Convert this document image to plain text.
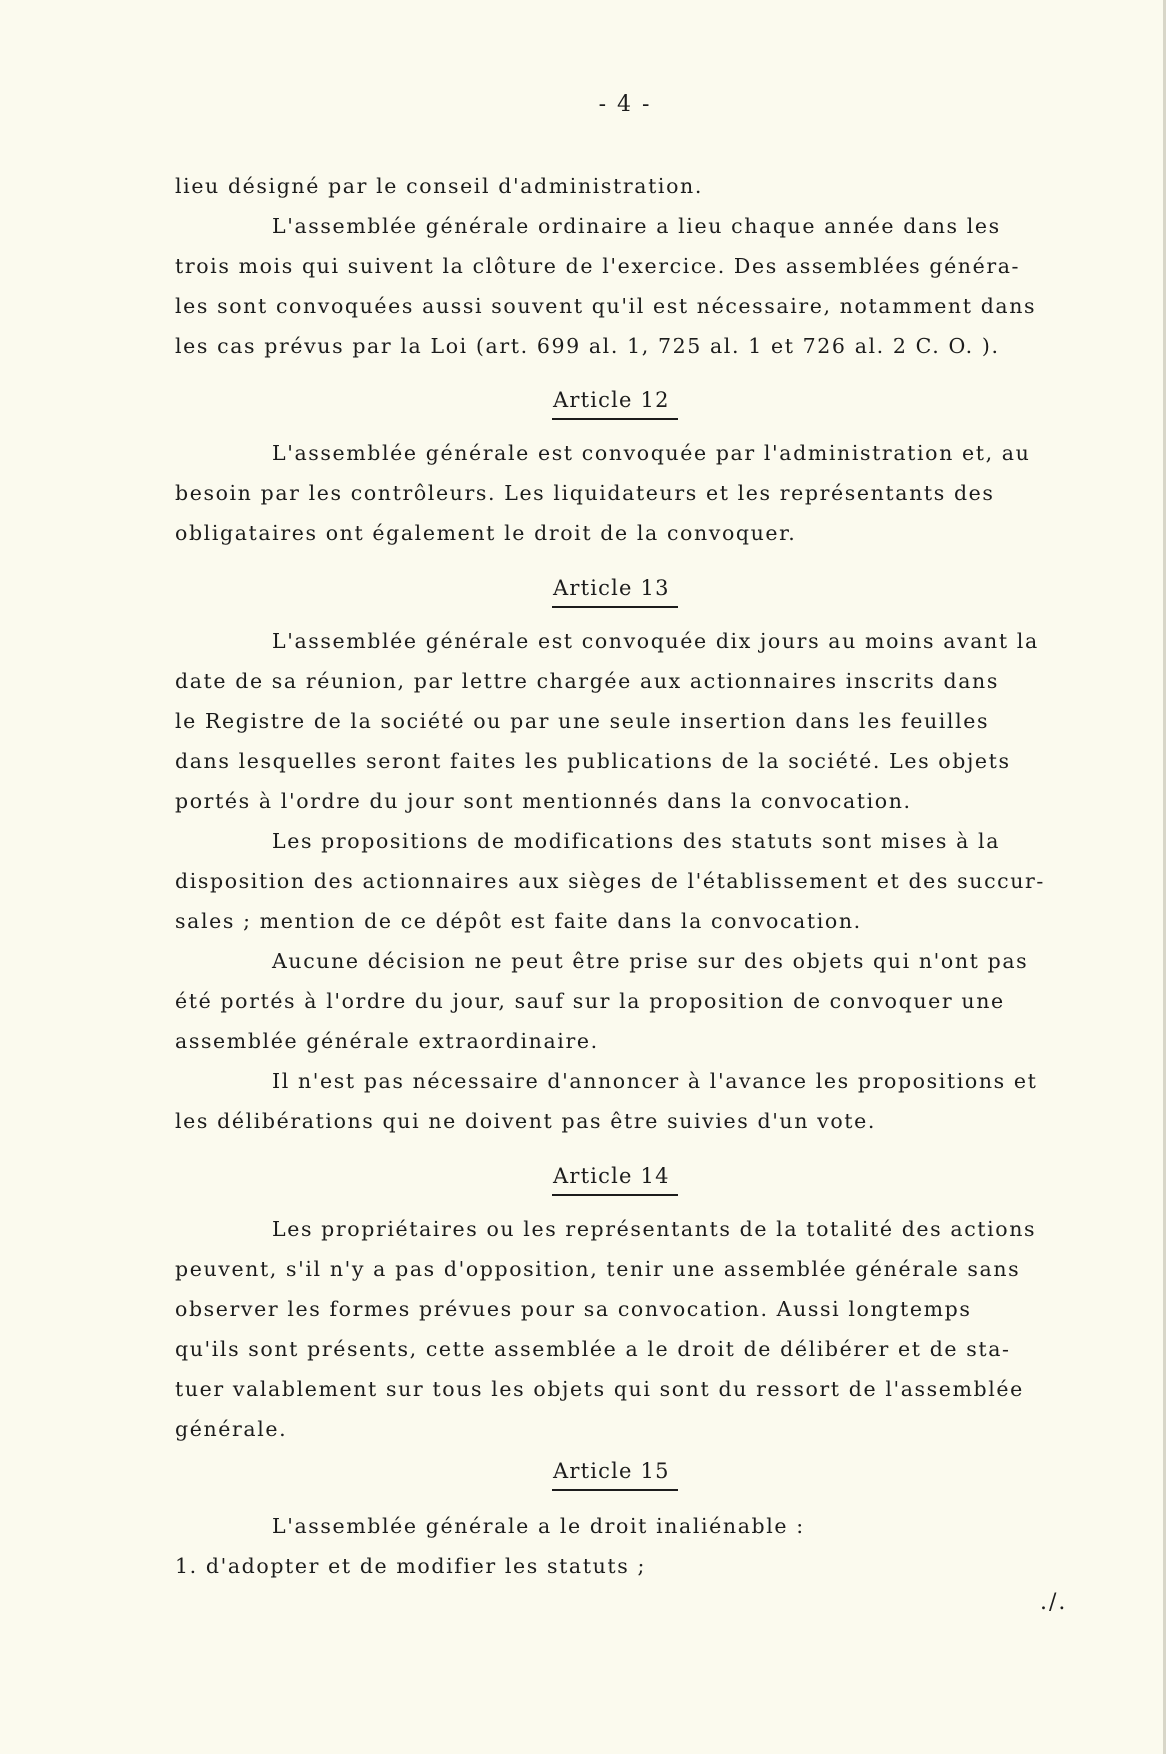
- 4 -
lieu désigné par le conseil d'administration.
L'assemblée générale ordinaire a lieu chaque année dans les
trois mois qui suivent la clôture de l'exercice. Des assemblées généra-
les sont convoquées aussi souvent qu'il est nécessaire, notamment dans
les cas prévus par la Loi (art. 699 al. 1, 725 al. 1 et 726 al. 2 C. O. ).
Article 12
L'assemblée générale est convoquée par l'administration et, au
besoin par les contrôleurs. Les liquidateurs et les représentants des
obligataires ont également le droit de la convoquer.
Article 13
L'assemblée générale est convoquée dix jours au moins avant la
date de sa réunion, par lettre chargée aux actionnaires inscrits dans
le Registre de la société ou par une seule insertion dans les feuilles
dans lesquelles seront faites les publications de la société. Les objets
portés à l'ordre du jour sont mentionnés dans la convocation.
Les propositions de modifications des statuts sont mises à la
disposition des actionnaires aux sièges de l'établissement et des succur-
sales ; mention de ce dépôt est faite dans la convocation.
Aucune décision ne peut être prise sur des objets qui n'ont pas
été portés à l'ordre du jour, sauf sur la proposition de convoquer une
assemblée générale extraordinaire.
Il n'est pas nécessaire d'annoncer à l'avance les propositions et
les délibérations qui ne doivent pas être suivies d'un vote.
Article 14
Les propriétaires ou les représentants de la totalité des actions
peuvent, s'il n'y a pas d'opposition, tenir une assemblée générale sans
observer les formes prévues pour sa convocation. Aussi longtemps
qu'ils sont présents, cette assemblée a le droit de délibérer et de sta-
tuer valablement sur tous les objets qui sont du ressort de l'assemblée
générale.
Article 15
L'assemblée générale a le droit inaliénable :
1. d'adopter et de modifier les statuts ;
./.
